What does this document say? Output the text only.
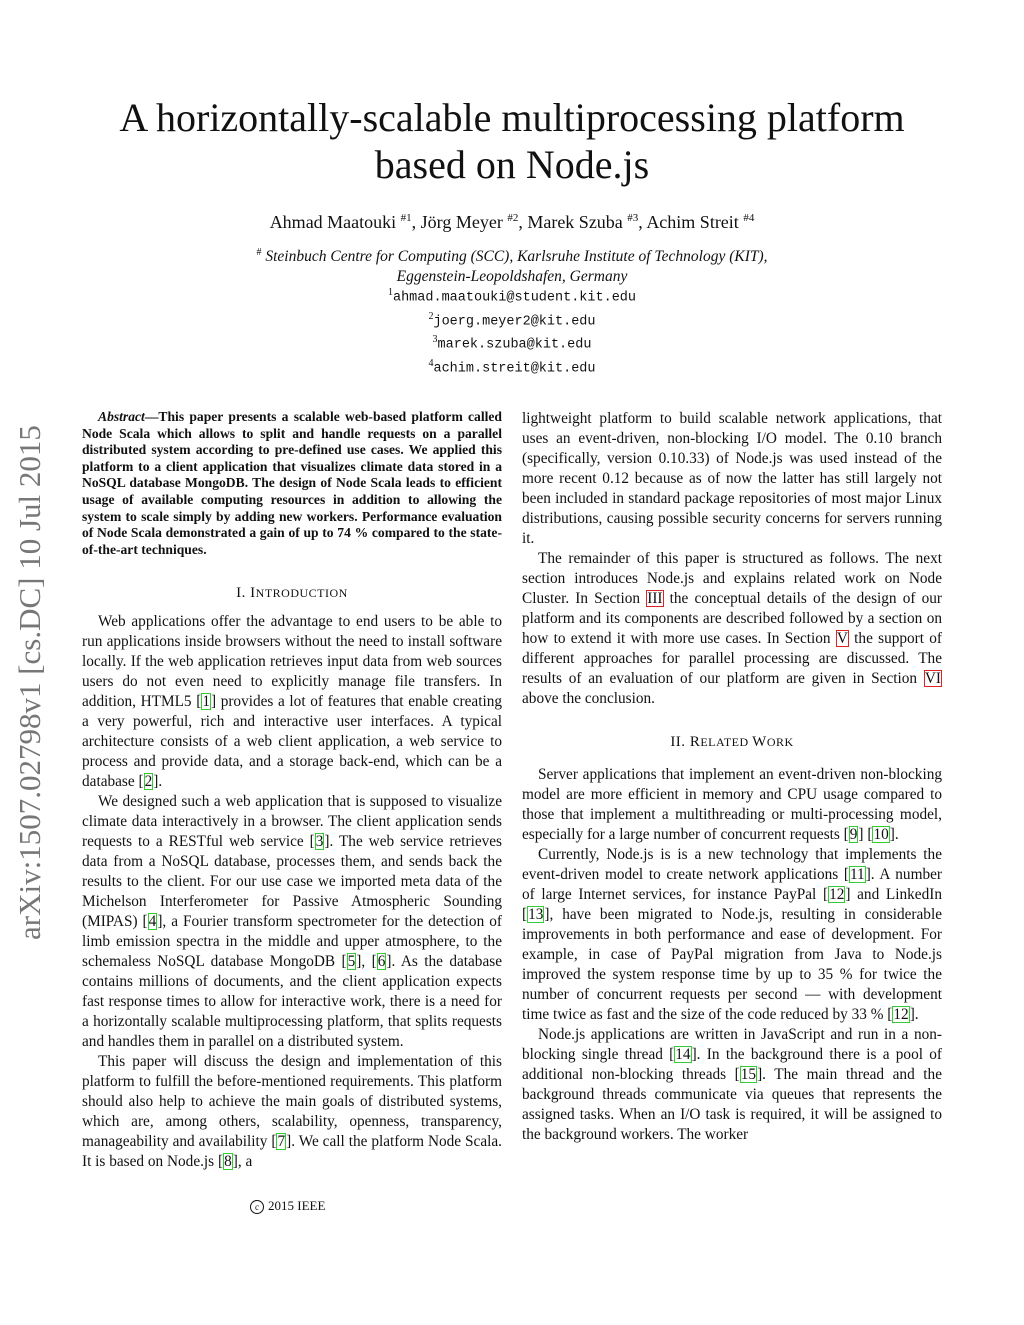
arXiv:1507.02798v1 [cs.DC] 10 Jul 2015
A horizontally-scalable multiprocessing platform
based on Node.js
Ahmad Maatouki $^{\#1}$, Jörg Meyer $^{\#2}$, Marek Szuba $^{\#3}$, Achim Streit $^{\#4}$
# Steinbuch Centre for Computing (SCC), Karlsruhe Institute of Technology (KIT),
Eggenstein-Leopoldshafen, Germany
$^1$ahmad.maatouki@student.kit.edu
$^2$joerg.meyer2@kit.edu
$^3$marek.szuba@kit.edu
$^4$achim.streit@kit.edu

Abstract—This paper presents a scalable web-based platform called Node Scala which allows to split and handle requests on a parallel distributed system according to pre-defined use cases. We applied this platform to a client application that visualizes climate data stored in a NoSQL database MongoDB. The design of Node Scala leads to efficient usage of available computing resources in addition to allowing the system to scale simply by adding new workers. Performance evaluation of Node Scala demonstrated a gain of up to 74 % compared to the state-of-the-art techniques.

I. INTRODUCTION

Web applications offer the advantage to end users to be able to run applications inside browsers without the need to install software locally. If the web application retrieves input data from web sources users do not even need to explicitly manage file transfers. In addition, HTML5 [1] provides a lot of features that enable creating a very powerful, rich and interactive user interfaces. A typical architecture consists of a web client application, a web service to process and provide data, and a storage back-end, which can be a database [2].

We designed such a web application that is supposed to visualize climate data interactively in a browser. The client application sends requests to a RESTful web service [3]. The web service retrieves data from a NoSQL database, processes them, and sends back the results to the client. For our use case we imported meta data of the Michelson Interferometer for Passive Atmospheric Sounding (MIPAS) [4], a Fourier transform spectrometer for the detection of limb emission spectra in the middle and upper atmosphere, to the schemaless NoSQL database MongoDB [5], [6]. As the database contains millions of documents, and the client application expects fast response times to allow for interactive work, there is a need for a horizontally scalable multiprocessing platform, that splits requests and handles them in parallel on a distributed system.

This paper will discuss the design and implementation of this platform to fulfill the before-mentioned requirements. This platform should also help to achieve the main goals of distributed systems, which are, among others, scalability, openness, transparency, manageability and availability [7]. We call the platform Node Scala. It is based on Node.js [8], a

lightweight platform to build scalable network applications, that uses an event-driven, non-blocking I/O model. The 0.10 branch (specifically, version 0.10.33) of Node.js was used instead of the more recent 0.12 because as of now the latter has still largely not been included in standard package repositories of most major Linux distributions, causing possible security concerns for servers running it.

The remainder of this paper is structured as follows. The next section introduces Node.js and explains related work on Node Cluster. In Section III the conceptual details of the design of our platform and its components are described followed by a section on how to extend it with more use cases. In Section V the support of different approaches for parallel processing are discussed. The results of an evaluation of our platform are given in Section VI above the conclusion.

II. RELATED WORK

Server applications that implement an event-driven non-blocking model are more efficient in memory and CPU usage compared to those that implement a multithreading or multi-processing model, especially for a large number of concurrent requests [9] [10].

Currently, Node.js is is a new technology that implements the event-driven model to create network applications [11]. A number of large Internet services, for instance PayPal [12] and LinkedIn [13], have been migrated to Node.js, resulting in considerable improvements in both performance and ease of development. For example, in case of PayPal migration from Java to Node.js improved the system response time by up to 35 % for twice the number of concurrent requests per second — with development time twice as fast and the size of the code reduced by 33 % [12].

Node.js applications are written in JavaScript and run in a non-blocking single thread [14]. In the background there is a pool of additional non-blocking threads [15]. The main thread and the background threads communicate via queues that represents the assigned tasks. When an I/O task is required, it will be assigned to the background workers. The worker

c 2015 IEEE
